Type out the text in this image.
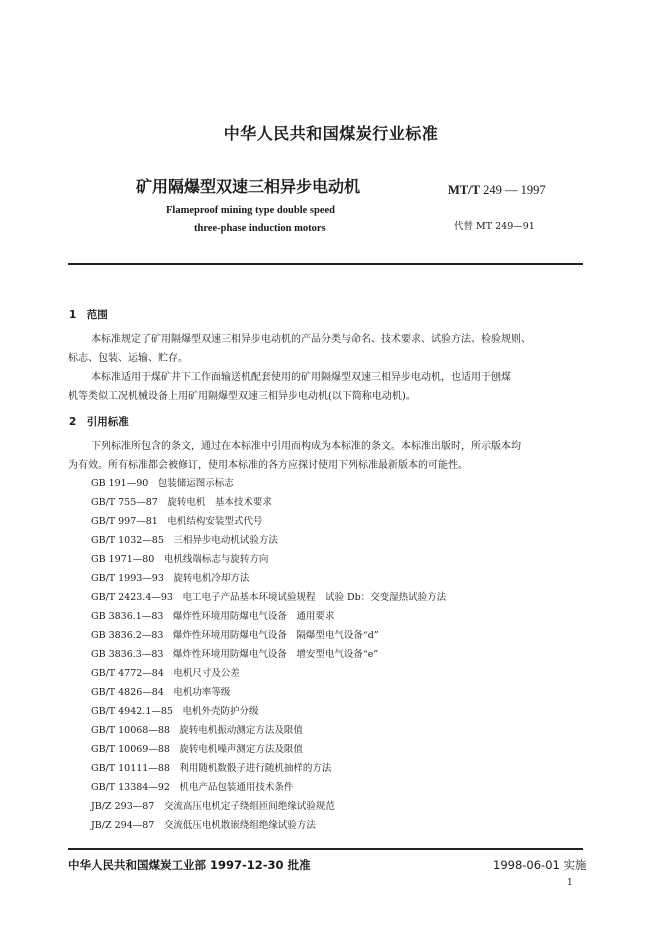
中华人民共和国煤炭行业标准
矿用隔爆型双速三相异步电动机
Flameproof mining type double speed
three-phase induction motors
MT/T 249 — 1997
代替 MT 249—91
1　范围
本标准规定了矿用隔爆型双速三相异步电动机的产品分类与命名、技术要求、试验方法、检验规则、
标志、包装、运输、贮存。
本标准适用于煤矿井下工作面输送机配套使用的矿用隔爆型双速三相异步电动机，也适用于刨煤
机等类似工况机械设备上用矿用隔爆型双速三相异步电动机(以下简称电动机)。
2　引用标准
下列标准所包含的条文，通过在本标准中引用而构成为本标准的条文。本标准出版时，所示版本均
为有效。所有标准都会被修订，使用本标准的各方应探讨使用下列标准最新版本的可能性。
GB 191—90　包装储运图示标志
GB/T 755—87　旋转电机　基本技术要求
GB/T 997—81　电机结构安装型式代号
GB/T 1032—85　三相异步电动机试验方法
GB 1971—80　电机线端标志与旋转方向
GB/T 1993—93　旋转电机冷却方法
GB/T 2423.4—93　电工电子产品基本环境试验规程　试验 Db：交变湿热试验方法
GB 3836.1—83　爆炸性环境用防爆电气设备　通用要求
GB 3836.2—83　爆炸性环境用防爆电气设备　隔爆型电气设备“d”
GB 3836.3—83　爆炸性环境用防爆电气设备　增安型电气设备“e”
GB/T 4772—84　电机尺寸及公差
GB/T 4826—84　电机功率等级
GB/T 4942.1—85　电机外壳防护分级
GB/T 10068—88　旋转电机振动测定方法及限值
GB/T 10069—88　旋转电机噪声测定方法及限值
GB/T 10111—88　利用随机数骰子进行随机抽样的方法
GB/T 13384—92　机电产品包装通用技术条件
JB/Z 293—87　交流高压电机定子绕组匝间绝缘试验规范
JB/Z 294—87　交流低压电机散嵌绕组绝缘试验方法
中华人民共和国煤炭工业部 1997-12-30 批准	1998-06-01 实施
1
